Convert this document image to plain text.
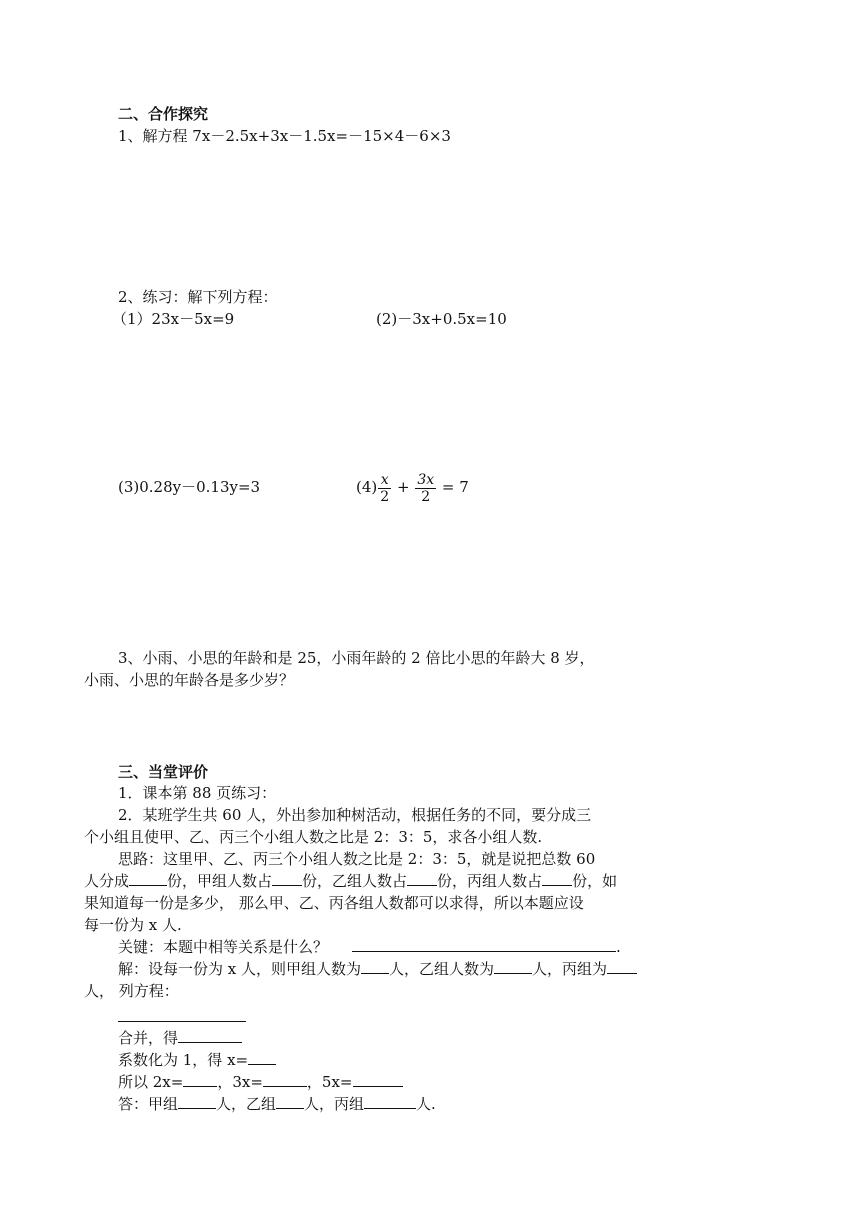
二、合作探究
1、解方程 7x－2.5x+3x－1.5x=－15×4－6×3
2、练习：解下列方程：
（1）23x－5x=9	(2)－3x+0.5x=10
(3)0.28y－0.13y=3	$(4) \frac{x}{2} + \frac{3x}{2} = 7$
3、小雨、小思的年龄和是 25，小雨年龄的 2 倍比小思的年龄大 8 岁，
小雨、小思的年龄各是多少岁？
三、当堂评价
1．课本第 88 页练习：
2．某班学生共 60 人，外出参加种树活动，根据任务的不同，要分成三
个小组且使甲、乙、丙三个小组人数之比是 2：3：5，求各小组人数.
思路：这里甲、乙、丙三个小组人数之比是 2：3：5，就是说把总数 60
人分成	份，甲组人数占 份，乙组人数占 份，丙组人数占 份，如
果知道每一份是多少， 那么甲、乙、丙各组人数都可以求得，所以本题应设
每一份为 x 人.
关键：本题中相等关系是什么？	.
解：设每一份为 x 人，则甲组人数为 人，乙组人数为	人，丙组为
人， 列方程：
合并，得
系数化为 1，得 x=
所以 2x= ，3x=	，5x=
答：甲组	人，乙组 人，丙组	人.
